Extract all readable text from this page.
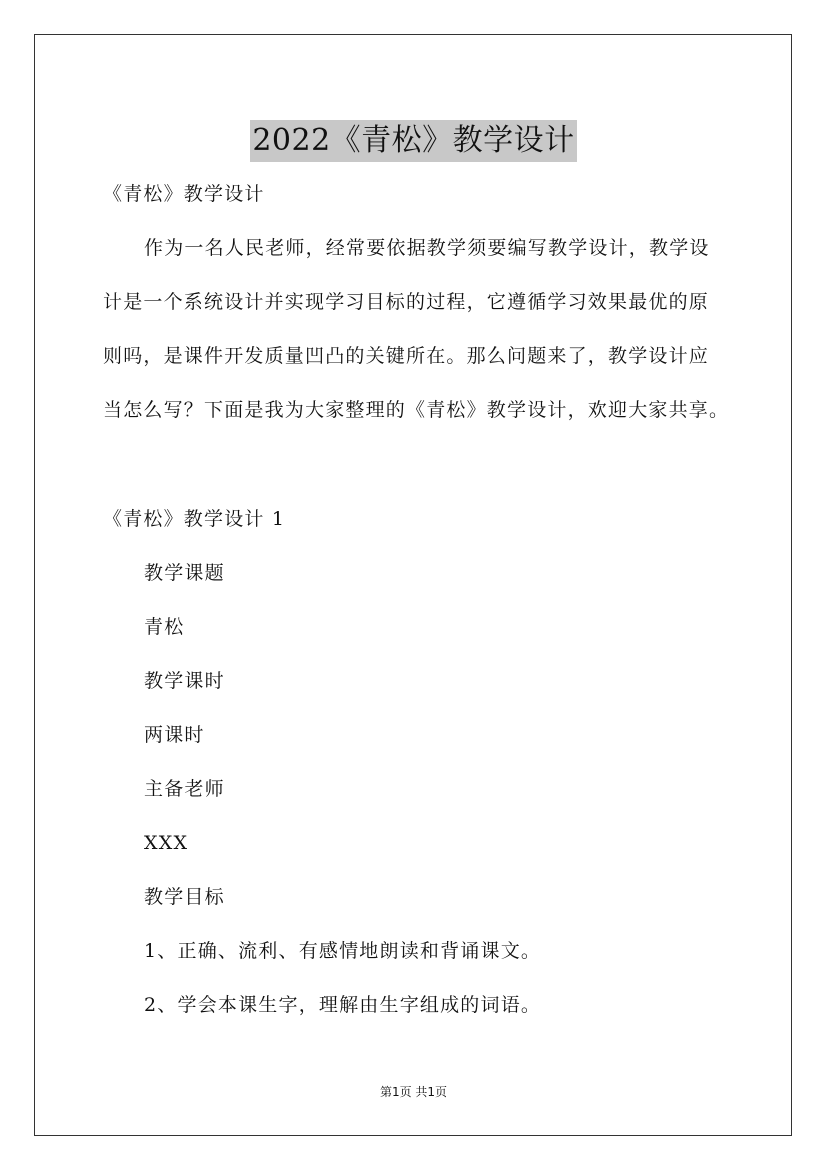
2022《青松》教学设计
《青松》教学设计
作为一名人民老师，经常要依据教学须要编写教学设计，教学设
计是一个系统设计并实现学习目标的过程，它遵循学习效果最优的原
则吗，是课件开发质量凹凸的关键所在。那么问题来了，教学设计应
当怎么写？下面是我为大家整理的《青松》教学设计，欢迎大家共享。
《青松》教学设计 1
教学课题
青松
教学课时
两课时
主备老师
XXX
教学目标
1、正确、流利、有感情地朗读和背诵课文。
2、学会本课生字，理解由生字组成的词语。
第1页 共1页
